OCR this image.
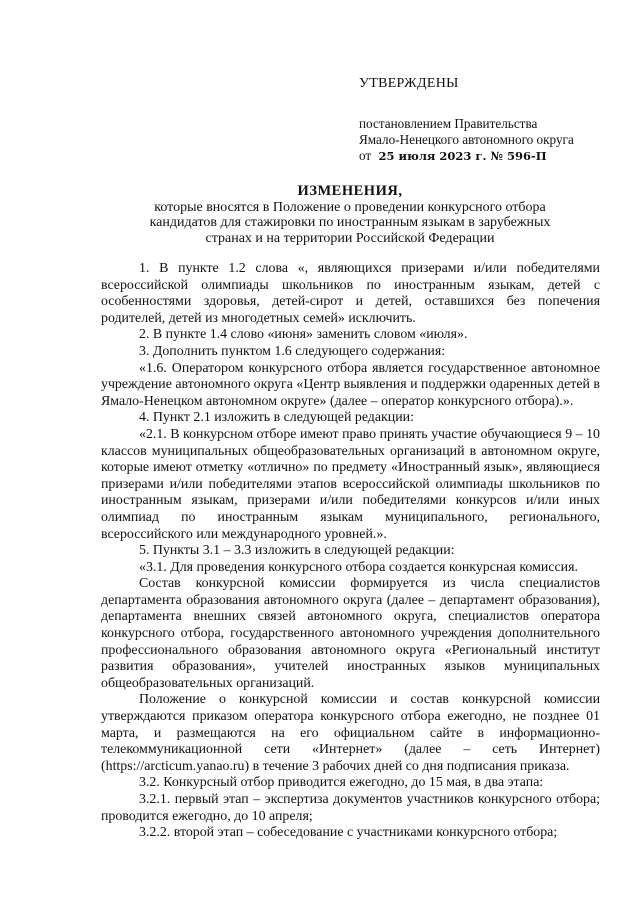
УТВЕРЖДЕНЫ
постановлением Правительства
Ямало-Ненецкого автономного округа
от 25 июля 2023 г. № 596-П
ИЗМЕНЕНИЯ,
которые вносятся в Положение о проведении конкурсного отбора
кандидатов для стажировки по иностранным языкам в зарубежных
странах и на территории Российской Федерации

1. В пункте 1.2 слова «, являющихся призерами и/или победителями всероссийской олимпиады школьников по иностранным языкам, детей с особенностями здоровья, детей-сирот и детей, оставшихся без попечения родителей, детей из многодетных семей» исключить.

2. В пункте 1.4 слово «июня» заменить словом «июля».

3. Дополнить пунктом 1.6 следующего содержания:

«1.6. Оператором конкурсного отбора является государственное автономное учреждение автономного округа «Центр выявления и поддержки одаренных детей в Ямало-Ненецком автономном округе» (далее – оператор конкурсного отбора).».

4. Пункт 2.1 изложить в следующей редакции:

«2.1. В конкурсном отборе имеют право принять участие обучающиеся 9 – 10 классов муниципальных общеобразовательных организаций в автономном округе, которые имеют отметку «отлично» по предмету «Иностранный язык», являющиеся призерами и/или победителями этапов всероссийской олимпиады школьников по иностранным языкам, призерами и/или победителями конкурсов и/или иных олимпиад по иностранным языкам муниципального, регионального, всероссийского или международного уровней.».

5. Пункты 3.1 – 3.3 изложить в следующей редакции:

«3.1. Для проведения конкурсного отбора создается конкурсная комиссия.

Состав конкурсной комиссии формируется из числа специалистов департамента образования автономного округа (далее – департамент образования), департамента внешних связей автономного округа, специалистов оператора конкурсного отбора, государственного автономного учреждения дополнительного профессионального образования автономного округа «Региональный институт развития образования», учителей иностранных языков муниципальных общеобразовательных организаций.

Положение о конкурсной комиссии и состав конкурсной комиссии утверждаются приказом оператора конкурсного отбора ежегодно, не позднее 01 марта, и размещаются на его официальном сайте в информационно-телекоммуникационной сети «Интернет» (далее – сеть Интернет) (https://arcticum.yanao.ru) в течение 3 рабочих дней со дня подписания приказа.

3.2. Конкурсный отбор приводится ежегодно, до 15 мая, в два этапа:

3.2.1. первый этап – экспертиза документов участников конкурсного отбора; проводится ежегодно, до 10 апреля;

3.2.2. второй этап – собеседование с участниками конкурсного отбора;
